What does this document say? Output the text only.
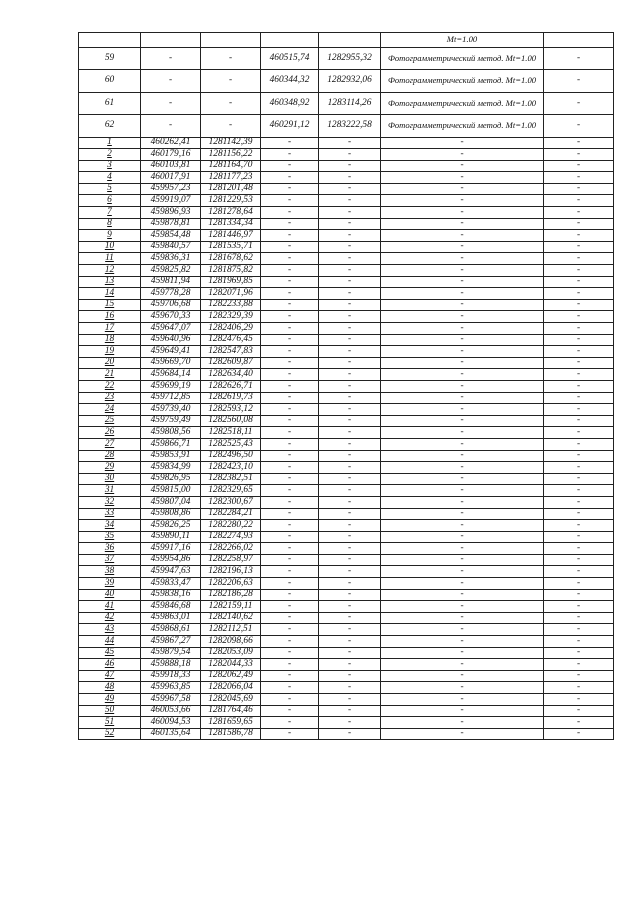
					Mt=1.00	
59	-	-	460515,74	1282955,32	Фотограмметрический метод. Mt=1.00	-
60	-	-	460344,32	1282932,06	Фотограмметрический метод. Mt=1.00	-
61	-	-	460348,92	1283114,26	Фотограмметрический метод. Mt=1.00	-
62	-	-	460291,12	1283222,58	Фотограмметрический метод. Mt=1.00	-
1	460262,41	1281142,39	-	-	-	-
2	460179,16	1281156,22	-	-	-	-
3	460103,81	1281164,70	-	-	-	-
4	460017,91	1281177,23	-	-	-	-
5	459957,23	1281201,48	-	-	-	-
6	459919,07	1281229,53	-	-	-	-
7	459896,93	1281278,64	-	-	-	-
8	459878,81	1281334,34	-	-	-	-
9	459854,48	1281446,97	-	-	-	-
10	459840,57	1281535,71	-	-	-	-
11	459836,31	1281678,62	-	-	-	-
12	459825,82	1281875,82	-	-	-	-
13	459811,94	1281969,85	-	-	-	-
14	459778,28	1282071,96	-	-	-	-
15	459706,68	1282233,88	-	-	-	-
16	459670,33	1282329,39	-	-	-	-
17	459647,07	1282406,29	-	-	-	-
18	459640,96	1282476,45	-	-	-	-
19	459649,41	1282547,83	-	-	-	-
20	459669,70	1282609,87	-	-	-	-
21	459684,14	1282634,40	-	-	-	-
22	459699,19	1282626,71	-	-	-	-
23	459712,85	1282619,73	-	-	-	-
24	459739,40	1282593,12	-	-	-	-
25	459759,49	1282560,08	-	-	-	-
26	459808,56	1282518,11	-	-	-	-
27	459866,71	1282525,43	-	-	-	-
28	459853,91	1282496,50	-	-	-	-
29	459834,99	1282423,10	-	-	-	-
30	459826,95	1282382,51	-	-	-	-
31	459815,00	1282329,65	-	-	-	-
32	459807,04	1282300,67	-	-	-	-
33	459808,86	1282284,21	-	-	-	-
34	459826,25	1282280,22	-	-	-	-
35	459890,11	1282274,93	-	-	-	-
36	459917,16	1282266,02	-	-	-	-
37	459954,86	1282258,97	-	-	-	-
38	459947,63	1282196,13	-	-	-	-
39	459833,47	1282206,63	-	-	-	-
40	459838,16	1282186,28	-	-	-	-
41	459846,68	1282159,11	-	-	-	-
42	459863,01	1282140,62	-	-	-	-
43	459868,61	1282112,51	-	-	-	-
44	459867,27	1282098,66	-	-	-	-
45	459879,54	1282053,09	-	-	-	-
46	459888,18	1282044,33	-	-	-	-
47	459918,33	1282062,49	-	-	-	-
48	459963,85	1282066,04	-	-	-	-
49	459967,58	1282045,69	-	-	-	-
50	460053,66	1281764,46	-	-	-	-
51	460094,53	1281659,65	-	-	-	-
52	460135,64	1281586,78	-	-	-	-
